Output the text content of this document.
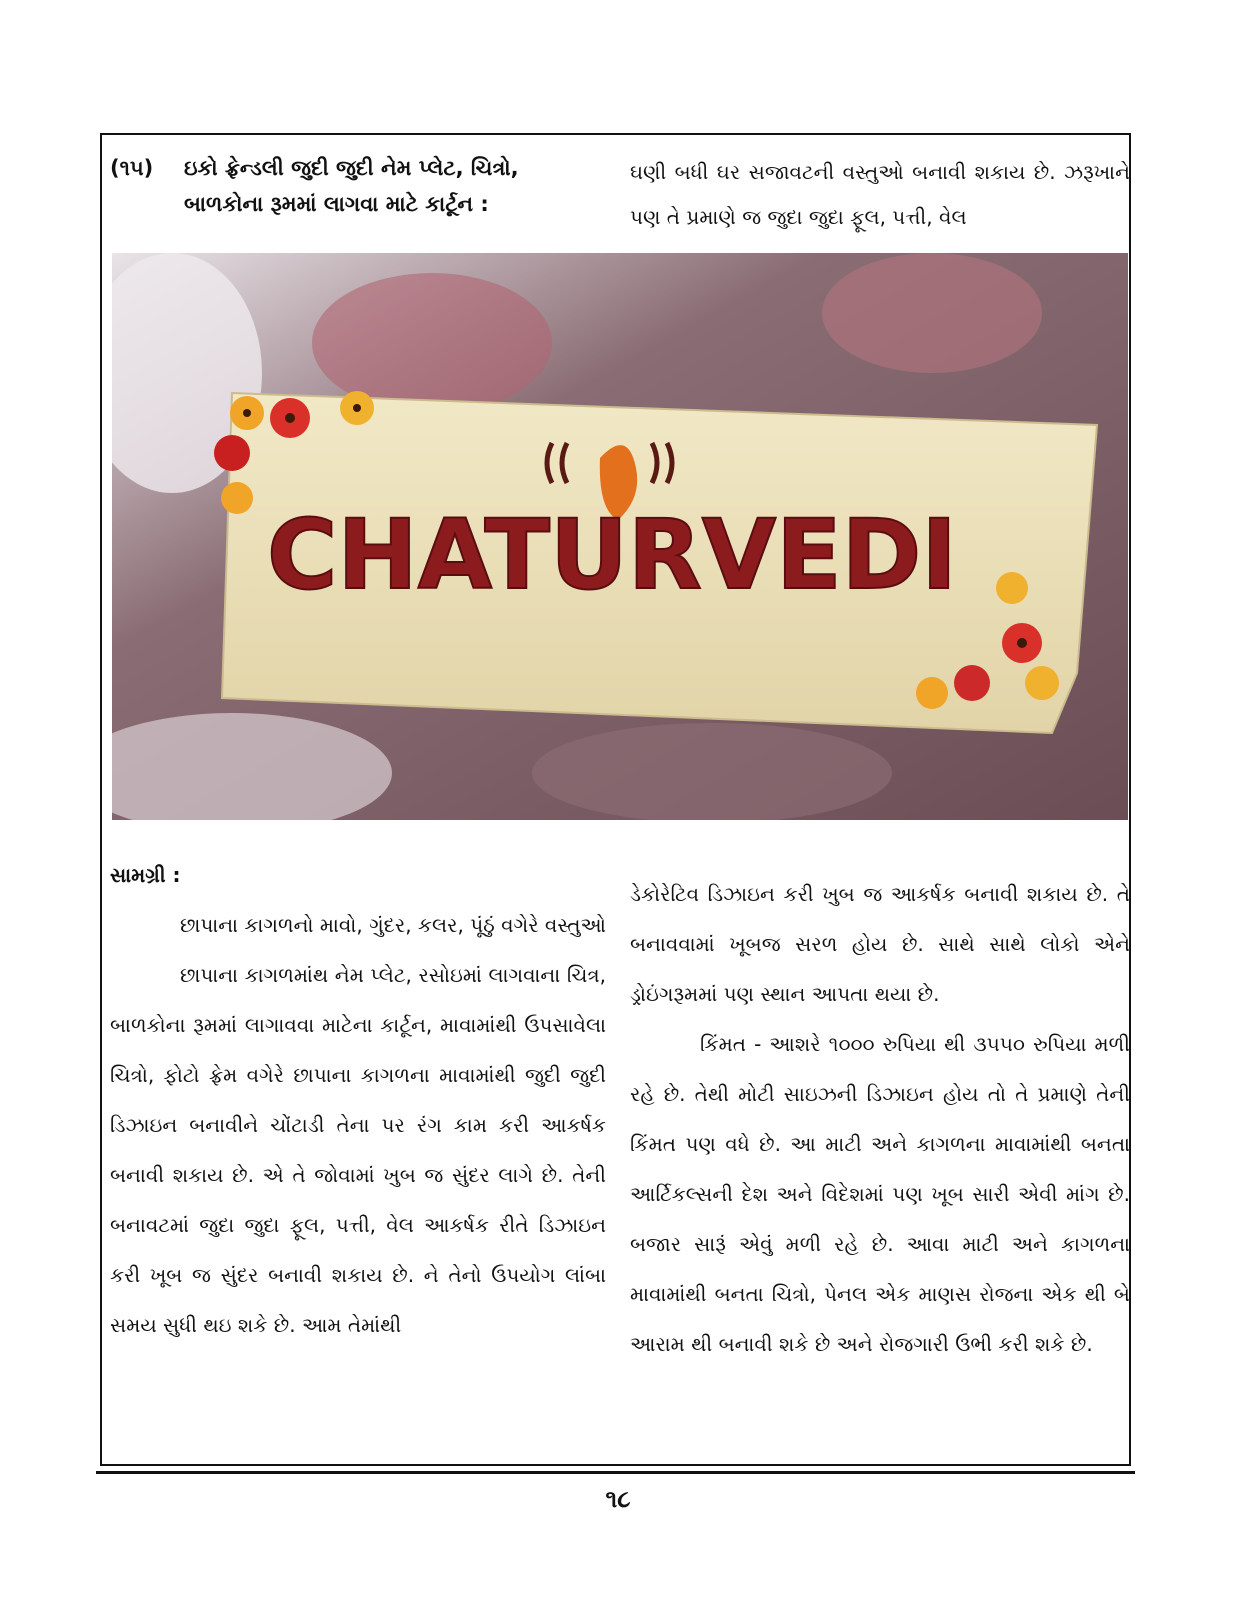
(૧૫) ઇકો ફ્રેન્ડલી જુદી જુદી નેમ પ્લેટ, ચિત્રો,
બાળકોના રૂમમાં લાગવા માટે કાર્ટૂન :
ઘણી બધી ઘર સજાવટની વસ્તુઓ બનાવી શકાય છે. ઝરૂખાને પણ તે પ્રમાણે જ જુદા જુદા ફૂલ, પત્તી, વેલ
CHATURVEDI

સામગ્રી :

છાપાના કાગળનો માવો, ગુંદર, કલર, પૂંઠું વગેરે વસ્તુઓ

છાપાના કાગળમાંથ નેમ પ્લેટ, રસોઇમાં લાગવાના ચિત્ર, બાળકોના રૂમમાં લાગાવવા માટેના કાર્ટૂન, માવામાંથી ઉપસાવેલા ચિત્રો, ફોટો ફ્રેમ વગેરે છાપાના કાગળના માવામાંથી જુદી જુદી ડિઝાઇન બનાવીને ચોંટાડી તેના પર રંગ કામ કરી આકર્ષક બનાવી શકાય છે. એ તે જોવામાં ખુબ જ સુંદર લાગે છે. તેની બનાવટમાં જુદા જુદા ફૂલ, પત્તી, વેલ આકર્ષક રીતે ડિઝાઇન કરી ખૂબ જ સુંદર બનાવી શકાય છે. ને તેનો ઉપયોગ લાંબા સમય સુધી થઇ શકે છે. આમ તેમાંથી

ડેકોરેટિવ ડિઝાઇન કરી ખુબ જ આકર્ષક બનાવી શકાય છે. તે બનાવવામાં ખૂબજ સરળ હોય છે. સાથે સાથે લોકો એને ડ્રોઇંગરૂમમાં પણ સ્થાન આપતા થયા છે.

કિંમત - આશરે ૧૦૦૦ રુપિયા થી ૩૫૫૦ રુપિયા મળી રહે છે. તેથી મોટી સાઇઝની ડિઝાઇન હોય તો તે પ્રમાણે તેની કિંમત પણ વધે છે. આ માટી અને કાગળના માવામાંથી બનતા આર્ટિકલ્સની દેશ અને વિદેશમાં પણ ખૂબ સારી એવી માંગ છે. બજાર સારૂં એવું મળી રહે છે. આવા માટી અને કાગળના માવામાંથી બનતા ચિત્રો, પેનલ એક માણસ રોજના એક થી બે આરામ થી બનાવી શકે છે અને રોજગારી ઉભી કરી શકે છે.

૧૮
